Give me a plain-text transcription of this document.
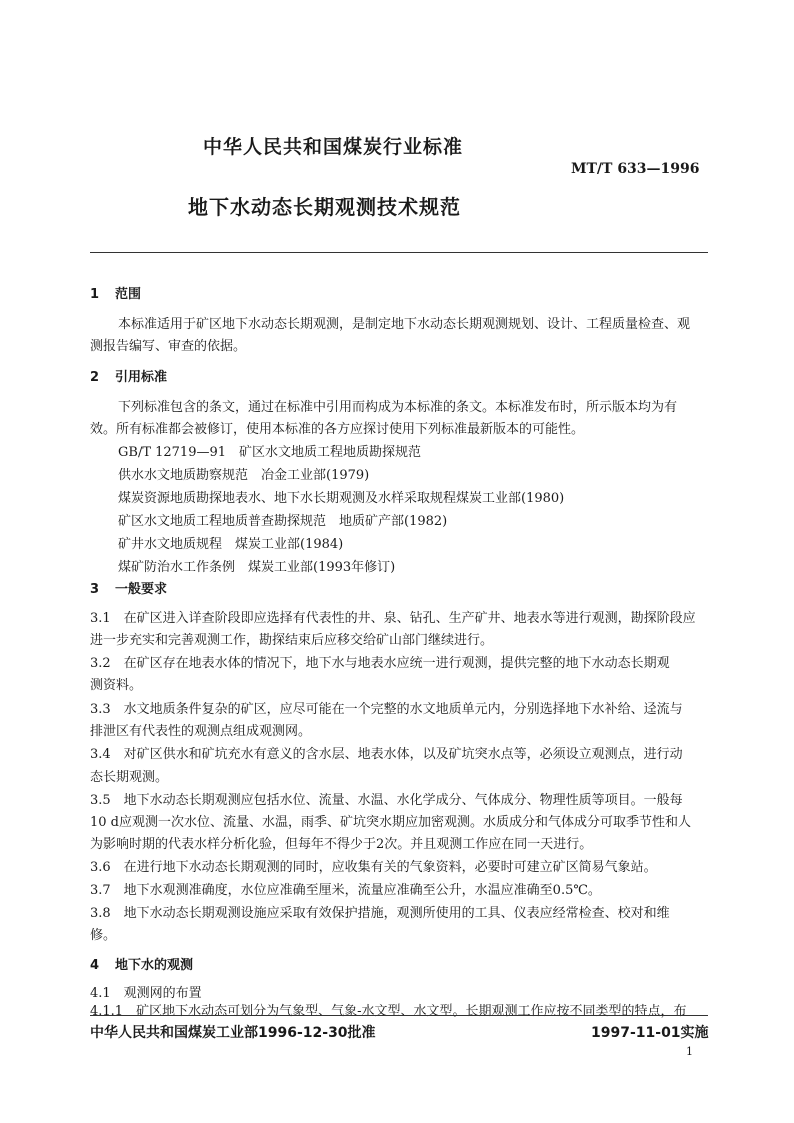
中华人民共和国煤炭行业标准
MT/T 633—1996
地下水动态长期观测技术规范
1 范围
本标准适用于矿区地下水动态长期观测，是制定地下水动态长期观测规划、设计、工程质量检查、观
测报告编写、审查的依据。
2 引用标准
下列标准包含的条文，通过在标准中引用而构成为本标准的条文。本标准发布时，所示版本均为有
效。所有标准都会被修订，使用本标准的各方应探讨使用下列标准最新版本的可能性。
GB/T 12719—91　矿区水文地质工程地质勘探规范
供水水文地质勘察规范　冶金工业部(1979)
煤炭资源地质勘探地表水、地下水长期观测及水样采取规程煤炭工业部(1980)
矿区水文地质工程地质普查勘探规范　地质矿产部(1982)
矿井水文地质规程　煤炭工业部(1984)
煤矿防治水工作条例　煤炭工业部(1993年修订)
3 一般要求
3.1　在矿区进入详查阶段即应选择有代表性的井、泉、钻孔、生产矿井、地表水等进行观测，勘探阶段应
进一步充实和完善观测工作，勘探结束后应移交给矿山部门继续进行。
3.2　在矿区存在地表水体的情况下，地下水与地表水应统一进行观测，提供完整的地下水动态长期观
测资料。
3.3　水文地质条件复杂的矿区，应尽可能在一个完整的水文地质单元内，分别选择地下水补给、迳流与
排泄区有代表性的观测点组成观测网。
3.4　对矿区供水和矿坑充水有意义的含水层、地表水体，以及矿坑突水点等，必须设立观测点，进行动
态长期观测。
3.5　地下水动态长期观测应包括水位、流量、水温、水化学成分、气体成分、物理性质等项目。一般每
10 d应观测一次水位、流量、水温，雨季、矿坑突水期应加密观测。水质成分和气体成分可取季节性和人
为影响时期的代表水样分析化验，但每年不得少于2次。并且观测工作应在同一天进行。
3.6　在进行地下水动态长期观测的同时，应收集有关的气象资料，必要时可建立矿区简易气象站。
3.7　地下水观测准确度，水位应准确至厘米，流量应准确至公升，水温应准确至0.5℃。
3.8　地下水动态长期观测设施应采取有效保护措施，观测所使用的工具、仪表应经常检查、校对和维
修。
4 地下水的观测
4.1　观测网的布置
4.1.1　矿区地下水动态可划分为气象型、气象-水文型、水文型。长期观测工作应按不同类型的特点，布
中华人民共和国煤炭工业部1996-12-30批准	1997-11-01实施
1
